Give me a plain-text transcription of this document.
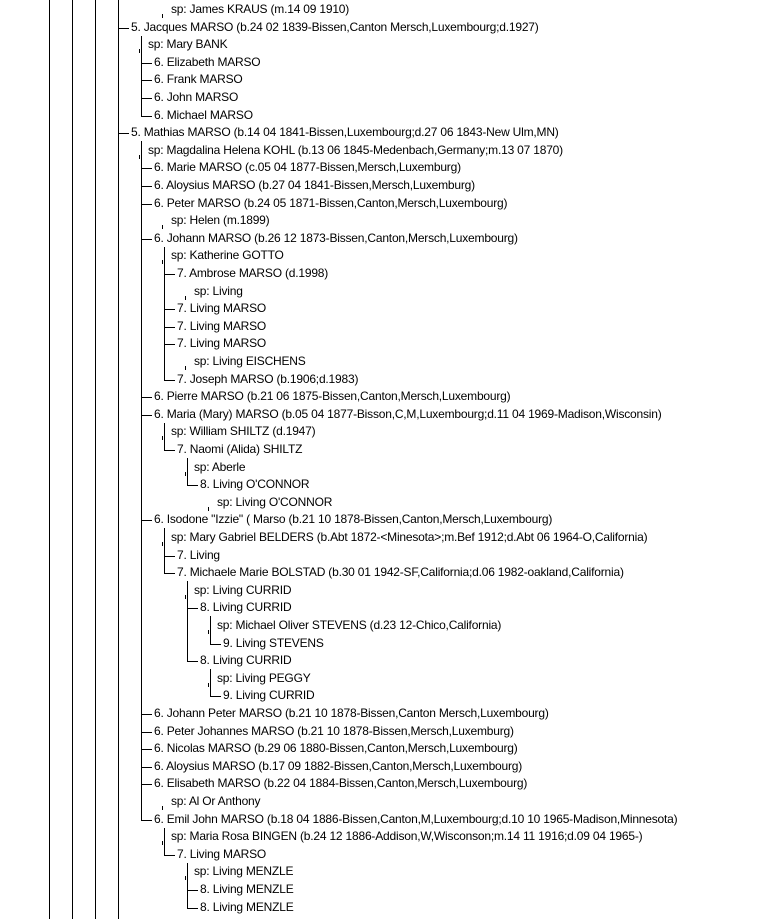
sp: James KRAUS (m.14 09 1910)
5. Jacques MARSO (b.24 02 1839-Bissen,Canton Mersch,Luxembourg;d.1927)
sp: Mary BANK
6. Elizabeth MARSO
6. Frank MARSO
6. John MARSO
6. Michael MARSO
5. Mathias MARSO (b.14 04 1841-Bissen,Luxembourg;d.27 06 1843-New Ulm,MN)
sp: Magdalina Helena KOHL (b.13 06 1845-Medenbach,Germany;m.13 07 1870)
6. Marie MARSO (c.05 04 1877-Bissen,Mersch,Luxemburg)
6. Aloysius MARSO (b.27 04 1841-Bissen,Mersch,Luxemburg)
6. Peter MARSO (b.24 05 1871-Bissen,Canton,Mersch,Luxembourg)
sp: Helen (m.1899)
6. Johann MARSO (b.26 12 1873-Bissen,Canton,Mersch,Luxembourg)
sp: Katherine GOTTO
7. Ambrose MARSO (d.1998)
sp: Living
7. Living MARSO
7. Living MARSO
7. Living MARSO
sp: Living EISCHENS
7. Joseph MARSO (b.1906;d.1983)
6. Pierre MARSO (b.21 06 1875-Bissen,Canton,Mersch,Luxembourg)
6. Maria (Mary) MARSO (b.05 04 1877-Bisson,C,M,Luxembourg;d.11 04 1969-Madison,Wisconsin)
sp: William SHILTZ (d.1947)
7. Naomi (Alida) SHILTZ
sp: Aberle
8. Living O'CONNOR
sp: Living O'CONNOR
6. Isodone "Izzie" ( Marso (b.21 10 1878-Bissen,Canton,Mersch,Luxembourg)
sp: Mary Gabriel BELDERS (b.Abt 1872-<Minesota>;m.Bef 1912;d.Abt 06 1964-O,California)
7. Living
7. Michaele Marie BOLSTAD (b.30 01 1942-SF,California;d.06 1982-oakland,California)
sp: Living CURRID
8. Living CURRID
sp: Michael Oliver STEVENS (d.23 12-Chico,California)
9. Living STEVENS
8. Living CURRID
sp: Living PEGGY
9. Living CURRID
6. Johann Peter MARSO (b.21 10 1878-Bissen,Canton Mersch,Luxembourg)
6. Peter Johannes MARSO (b.21 10 1878-Bissen,Mersch,Luxemburg)
6. Nicolas MARSO (b.29 06 1880-Bissen,Canton,Mersch,Luxembourg)
6. Aloysius MARSO (b.17 09 1882-Bissen,Canton,Mersch,Luxembourg)
6. Elisabeth MARSO (b.22 04 1884-Bissen,Canton,Mersch,Luxembourg)
sp: Al Or Anthony
6. Emil John MARSO (b.18 04 1886-Bissen,Canton,M,Luxembourg;d.10 10 1965-Madison,Minnesota)
sp: Maria Rosa BINGEN (b.24 12 1886-Addison,W,Wisconson;m.14 11 1916;d.09 04 1965-)
7. Living MARSO
sp: Living MENZLE
8. Living MENZLE
8. Living MENZLE
